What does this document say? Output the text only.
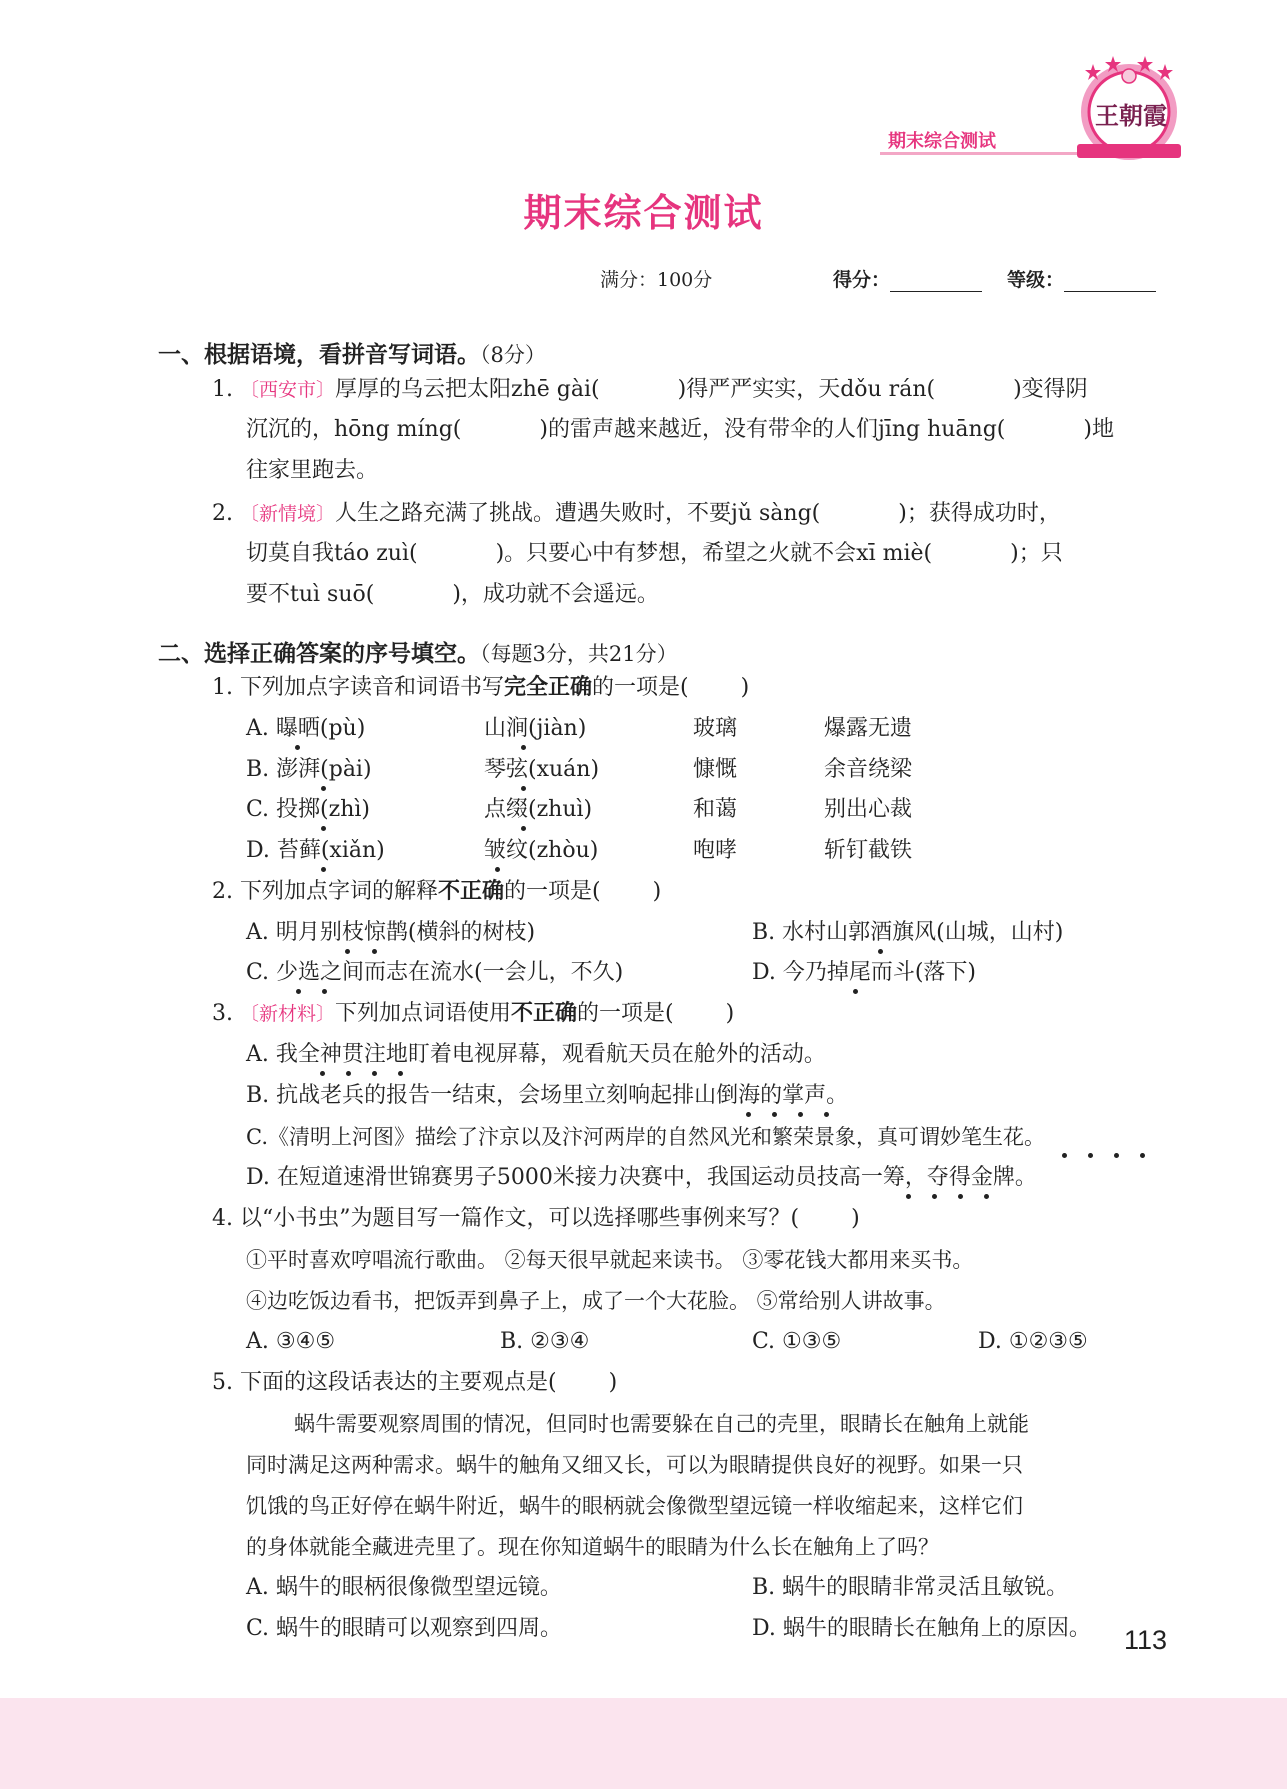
期末综合测试
王朝霞
期末综合测试
满分：100分	得分：	等级：
一、根据语境，看拼音写词语。（8分）
1. 〔西安市〕厚厚的乌云把太阳zhē gài(	)得严严实实，天dǒu rán(	)变得阴
沉沉的，hōng míng(	)的雷声越来越近，没有带伞的人们jīng huāng(	)地
往家里跑去。
2. 〔新情境〕人生之路充满了挑战。遭遇失败时，不要jǔ sàng(	)；获得成功时，
切莫自我táo zuì(	)。只要心中有梦想，希望之火就不会xī miè(	)；只
要不tuì suō(	)，成功就不会遥远。
二、选择正确答案的序号填空。（每题3分，共21分）
1. 下列加点字读音和词语书写完全正确的一项是( )
A. 曝晒(pù)	山涧(jiàn)	玻璃	爆露无遗
B. 澎湃(pài)	琴弦(xuán)	慷慨	余音绕梁
C. 投掷(zhì)	点缀(zhuì)	和蔼	别出心裁
D. 苔藓(xiǎn)	皱纹(zhòu)	咆哮	斩钉截铁
2. 下列加点字词的解释不正确的一项是( )
A. 明月别枝惊鹊(横斜的树枝)	B. 水村山郭酒旗风(山城，山村)
C. 少选之间而志在流水(一会儿，不久)	D. 今乃掉尾而斗(落下)
3. 〔新材料〕下列加点词语使用不正确的一项是( )
A. 我全神贯注地盯着电视屏幕，观看航天员在舱外的活动。
B. 抗战老兵的报告一结束，会场里立刻响起排山倒海的掌声。
C.《清明上河图》描绘了汴京以及汴河两岸的自然风光和繁荣景象，真可谓妙笔生花。
D. 在短道速滑世锦赛男子5000米接力决赛中，我国运动员技高一筹，夺得金牌。
4. 以“小书虫”为题目写一篇作文，可以选择哪些事例来写？( )
①平时喜欢哼唱流行歌曲。 ②每天很早就起来读书。 ③零花钱大都用来买书。
④边吃饭边看书，把饭弄到鼻子上，成了一个大花脸。 ⑤常给别人讲故事。
A. ③④⑤	B. ②③④	C. ①③⑤	D. ①②③⑤
5. 下面的这段话表达的主要观点是( )
蜗牛需要观察周围的情况，但同时也需要躲在自己的壳里，眼睛长在触角上就能
同时满足这两种需求。蜗牛的触角又细又长，可以为眼睛提供良好的视野。如果一只
饥饿的鸟正好停在蜗牛附近，蜗牛的眼柄就会像微型望远镜一样收缩起来，这样它们
的身体就能全藏进壳里了。现在你知道蜗牛的眼睛为什么长在触角上了吗？
A. 蜗牛的眼柄很像微型望远镜。	B. 蜗牛的眼睛非常灵活且敏锐。
C. 蜗牛的眼睛可以观察到四周。	D. 蜗牛的眼睛长在触角上的原因。 113
